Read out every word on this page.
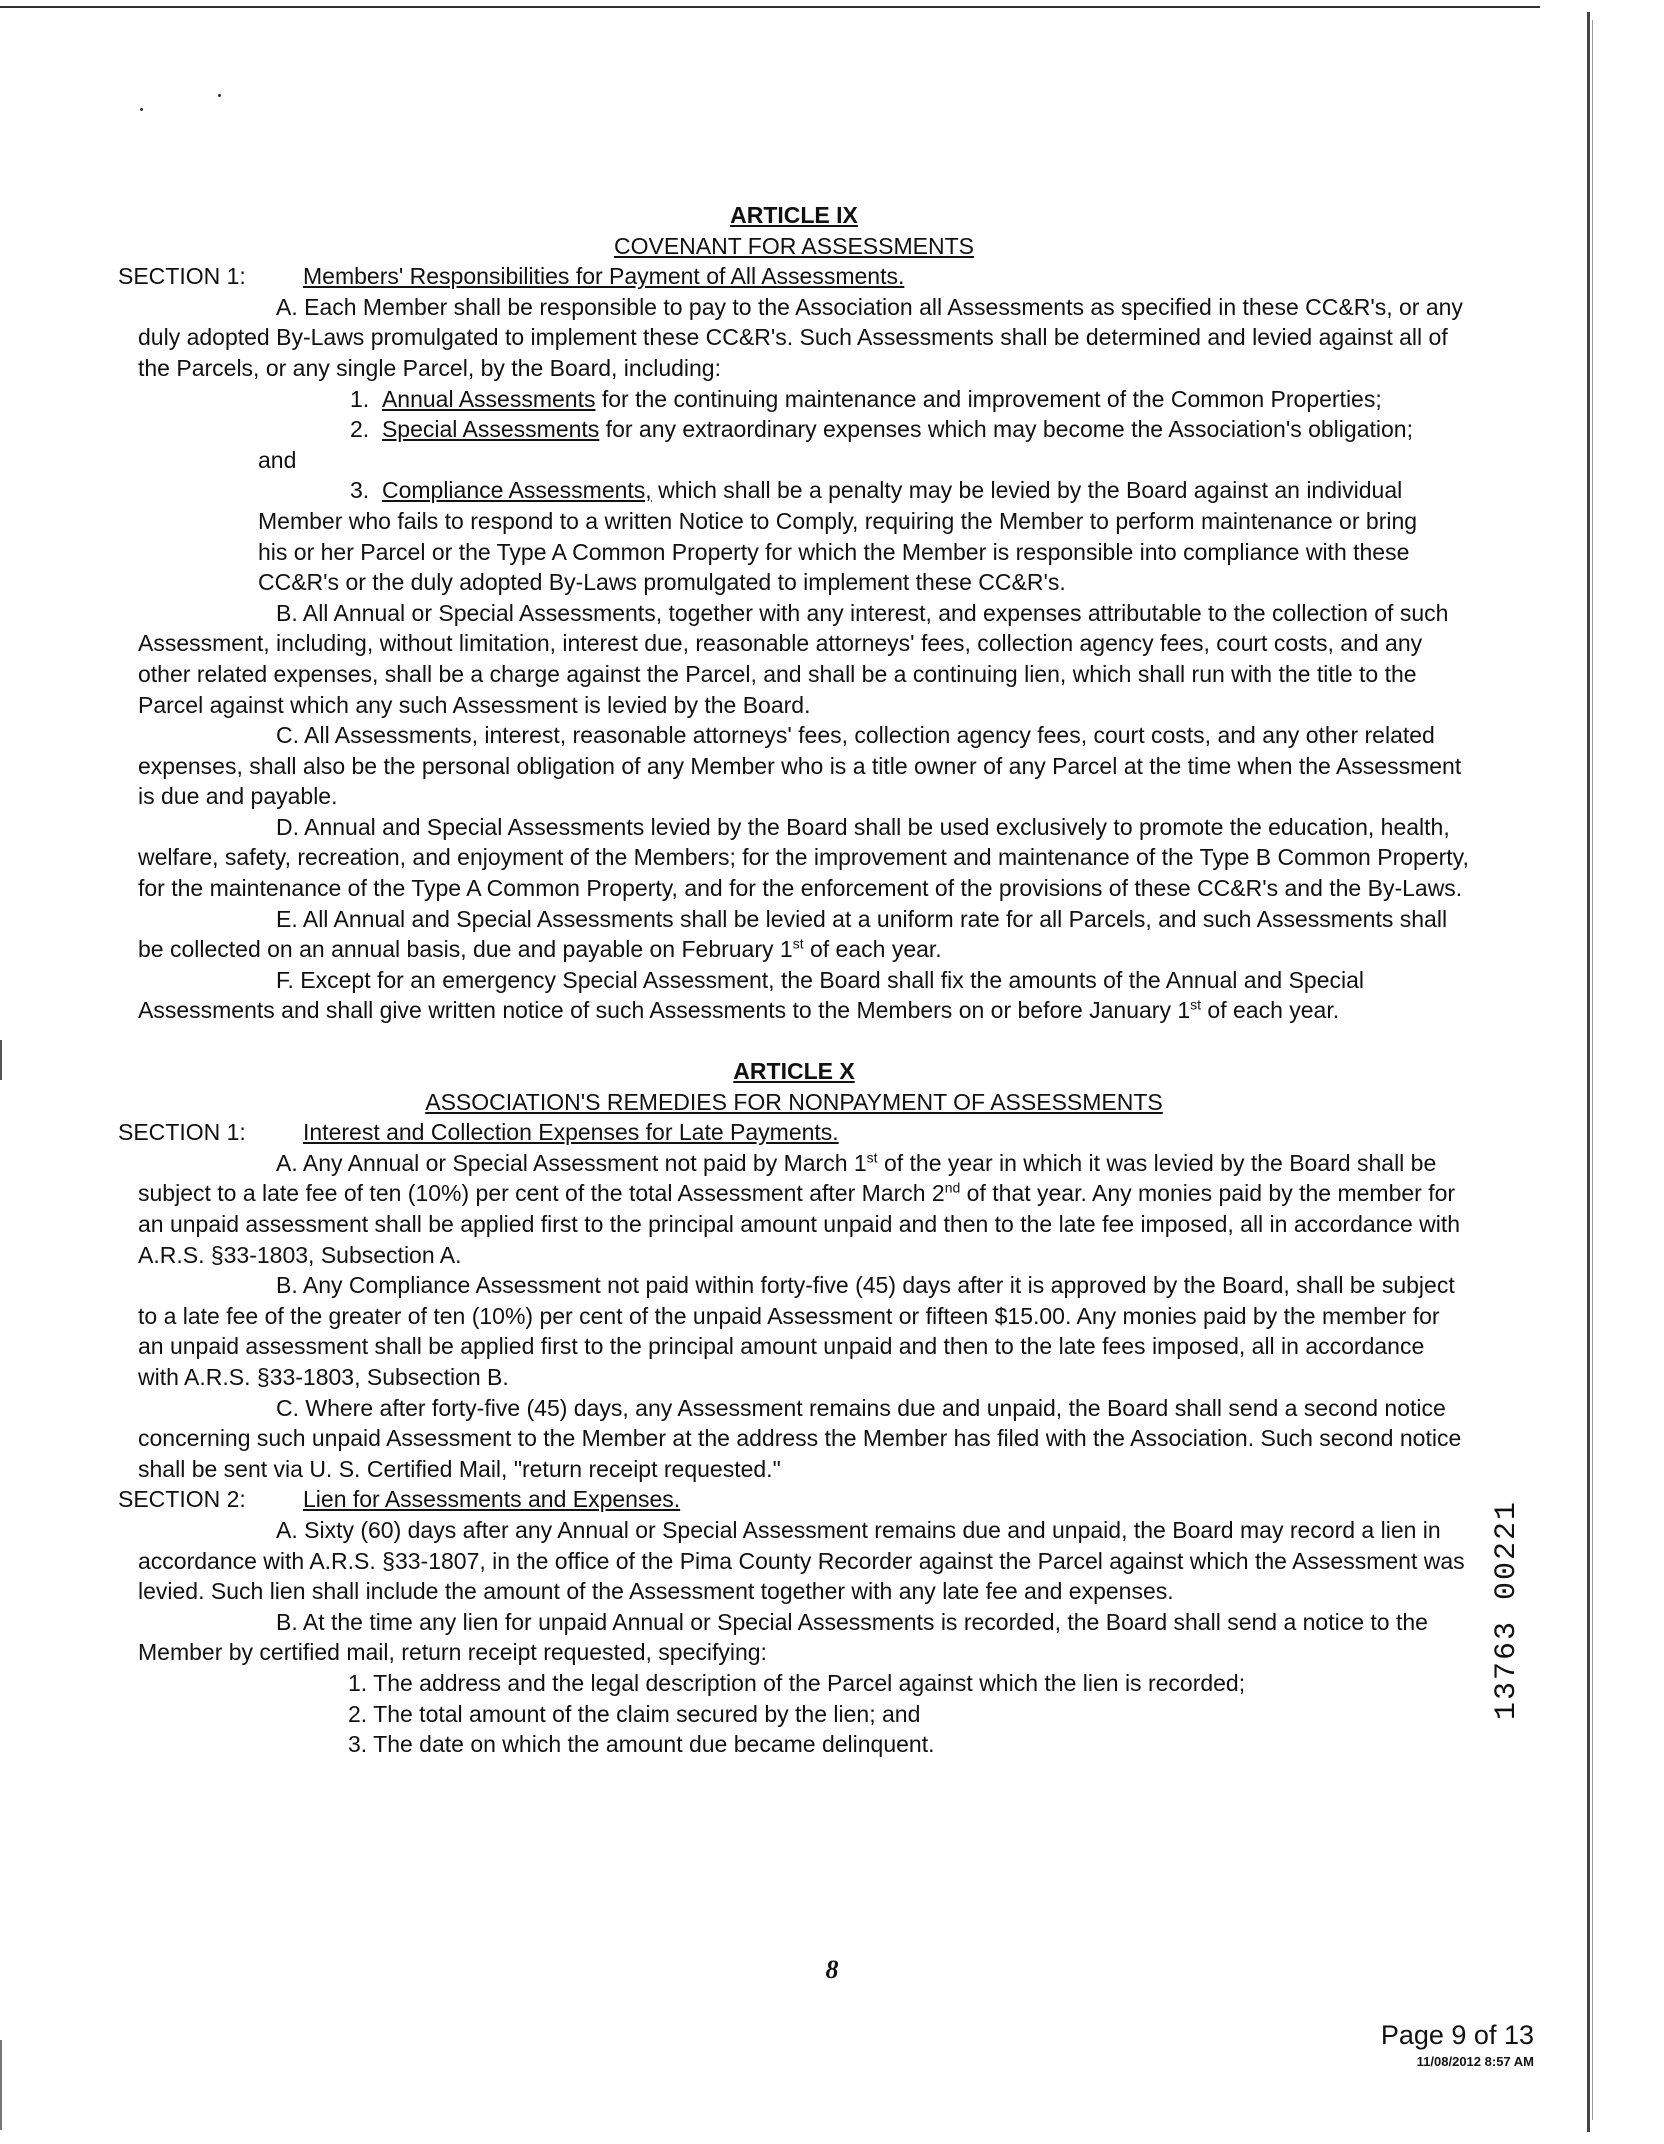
ARTICLE IX
COVENANT FOR ASSESSMENTS
SECTION 1: Members' Responsibilities for Payment of All Assessments.
A. Each Member shall be responsible to pay to the Association all Assessments as specified in these CC&R's, or any duly adopted By-Laws promulgated to implement these CC&R's. Such Assessments shall be determined and levied against all of the Parcels, or any single Parcel, by the Board, including:
1. Annual Assessments for the continuing maintenance and improvement of the Common Properties;
2. Special Assessments for any extraordinary expenses which may become the Association's obligation; and
3. Compliance Assessments, which shall be a penalty may be levied by the Board against an individual Member who fails to respond to a written Notice to Comply, requiring the Member to perform maintenance or bring his or her Parcel or the Type A Common Property for which the Member is responsible into compliance with these CC&R's or the duly adopted By-Laws promulgated to implement these CC&R's.
B. All Annual or Special Assessments, together with any interest, and expenses attributable to the collection of such Assessment, including, without limitation, interest due, reasonable attorneys' fees, collection agency fees, court costs, and any other related expenses, shall be a charge against the Parcel, and shall be a continuing lien, which shall run with the title to the Parcel against which any such Assessment is levied by the Board.
C. All Assessments, interest, reasonable attorneys' fees, collection agency fees, court costs, and any other related expenses, shall also be the personal obligation of any Member who is a title owner of any Parcel at the time when the Assessment is due and payable.
D. Annual and Special Assessments levied by the Board shall be used exclusively to promote the education, health, welfare, safety, recreation, and enjoyment of the Members; for the improvement and maintenance of the Type B Common Property, for the maintenance of the Type A Common Property, and for the enforcement of the provisions of these CC&R's and the By-Laws.
E. All Annual and Special Assessments shall be levied at a uniform rate for all Parcels, and such Assessments shall be collected on an annual basis, due and payable on February 1st of each year.
F. Except for an emergency Special Assessment, the Board shall fix the amounts of the Annual and Special Assessments and shall give written notice of such Assessments to the Members on or before January 1st of each year.
ARTICLE X
ASSOCIATION'S REMEDIES FOR NONPAYMENT OF ASSESSMENTS
SECTION 1: Interest and Collection Expenses for Late Payments.
A. Any Annual or Special Assessment not paid by March 1st of the year in which it was levied by the Board shall be subject to a late fee of ten (10%) per cent of the total Assessment after March 2nd of that year. Any monies paid by the member for an unpaid assessment shall be applied first to the principal amount unpaid and then to the late fee imposed, all in accordance with A.R.S. §33-1803, Subsection A.
B. Any Compliance Assessment not paid within forty-five (45) days after it is approved by the Board, shall be subject to a late fee of the greater of ten (10%) per cent of the unpaid Assessment or fifteen $15.00. Any monies paid by the member for an unpaid assessment shall be applied first to the principal amount unpaid and then to the late fees imposed, all in accordance with A.R.S. §33-1803, Subsection B.
C. Where after forty-five (45) days, any Assessment remains due and unpaid, the Board shall send a second notice concerning such unpaid Assessment to the Member at the address the Member has filed with the Association. Such second notice shall be sent via U. S. Certified Mail, "return receipt requested."
SECTION 2: Lien for Assessments and Expenses.
A. Sixty (60) days after any Annual or Special Assessment remains due and unpaid, the Board may record a lien in accordance with A.R.S. §33-1807, in the office of the Pima County Recorder against the Parcel against which the Assessment was levied. Such lien shall include the amount of the Assessment together with any late fee and expenses.
B. At the time any lien for unpaid Annual or Special Assessments is recorded, the Board shall send a notice to the Member by certified mail, return receipt requested, specifying:
1. The address and the legal description of the Parcel against which the lien is recorded;
2. The total amount of the claim secured by the lien; and
3. The date on which the amount due became delinquent.
8
Page 9 of 13
11/08/2012 8:57 AM
13763 00221
